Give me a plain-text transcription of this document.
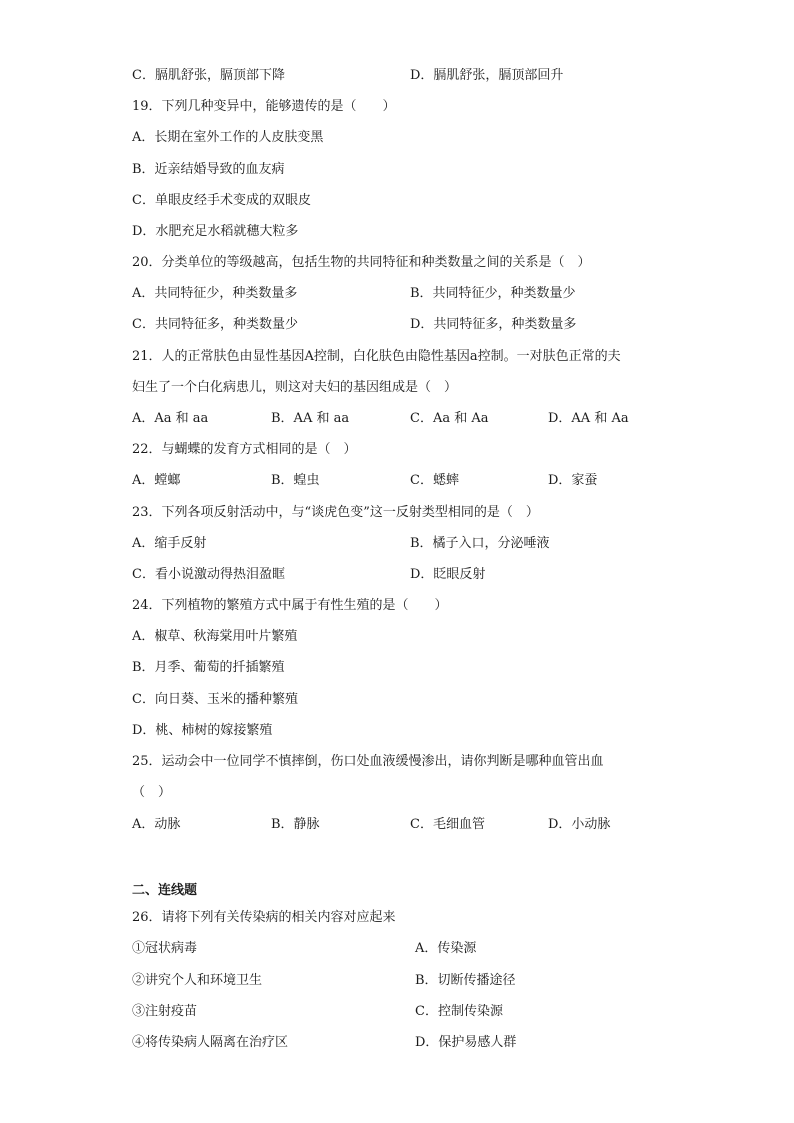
C．膈肌舒张，膈顶部下降	D．膈肌舒张，膈顶部回升
19．下列几种变异中，能够遗传的是（　　）
A．长期在室外工作的人皮肤变黑
B．近亲结婚导致的血友病
C．单眼皮经手术变成的双眼皮
D．水肥充足水稻就穗大粒多
20．分类单位的等级越高，包括生物的共同特征和种类数量之间的关系是（　）
A．共同特征少，种类数量多	B．共同特征少，种类数量少
C．共同特征多，种类数量少	D．共同特征多，种类数量多
21．人的正常肤色由显性基因A控制，白化肤色由隐性基因a控制。一对肤色正常的夫
妇生了一个白化病患儿，则这对夫妇的基因组成是（　）
A．Aa 和 aa	B．AA 和 aa	C．Aa 和 Aa	D．AA 和 Aa
22．与蝴蝶的发育方式相同的是（　）
A．螳螂	B．蝗虫	C．蟋蟀	D．家蚕
23．下列各项反射活动中，与“谈虎色变”这一反射类型相同的是（　）
A．缩手反射	B．橘子入口，分泌唾液
C．看小说激动得热泪盈眶	D．眨眼反射
24．下列植物的繁殖方式中属于有性生殖的是（　　）
A．椒草、秋海棠用叶片繁殖
B．月季、葡萄的扦插繁殖
C．向日葵、玉米的播种繁殖
D．桃、柿树的嫁接繁殖
25．运动会中一位同学不慎摔倒，伤口处血液缓慢渗出，请你判断是哪种血管出血
（　）
A．动脉	B．静脉	C．毛细血管	D．小动脉
二、连线题
26．请将下列有关传染病的相关内容对应起来
①冠状病毒	A．传染源
②讲究个人和环境卫生	B．切断传播途径
③注射疫苗	C．控制传染源
④将传染病人隔离在治疗区	D．保护易感人群
